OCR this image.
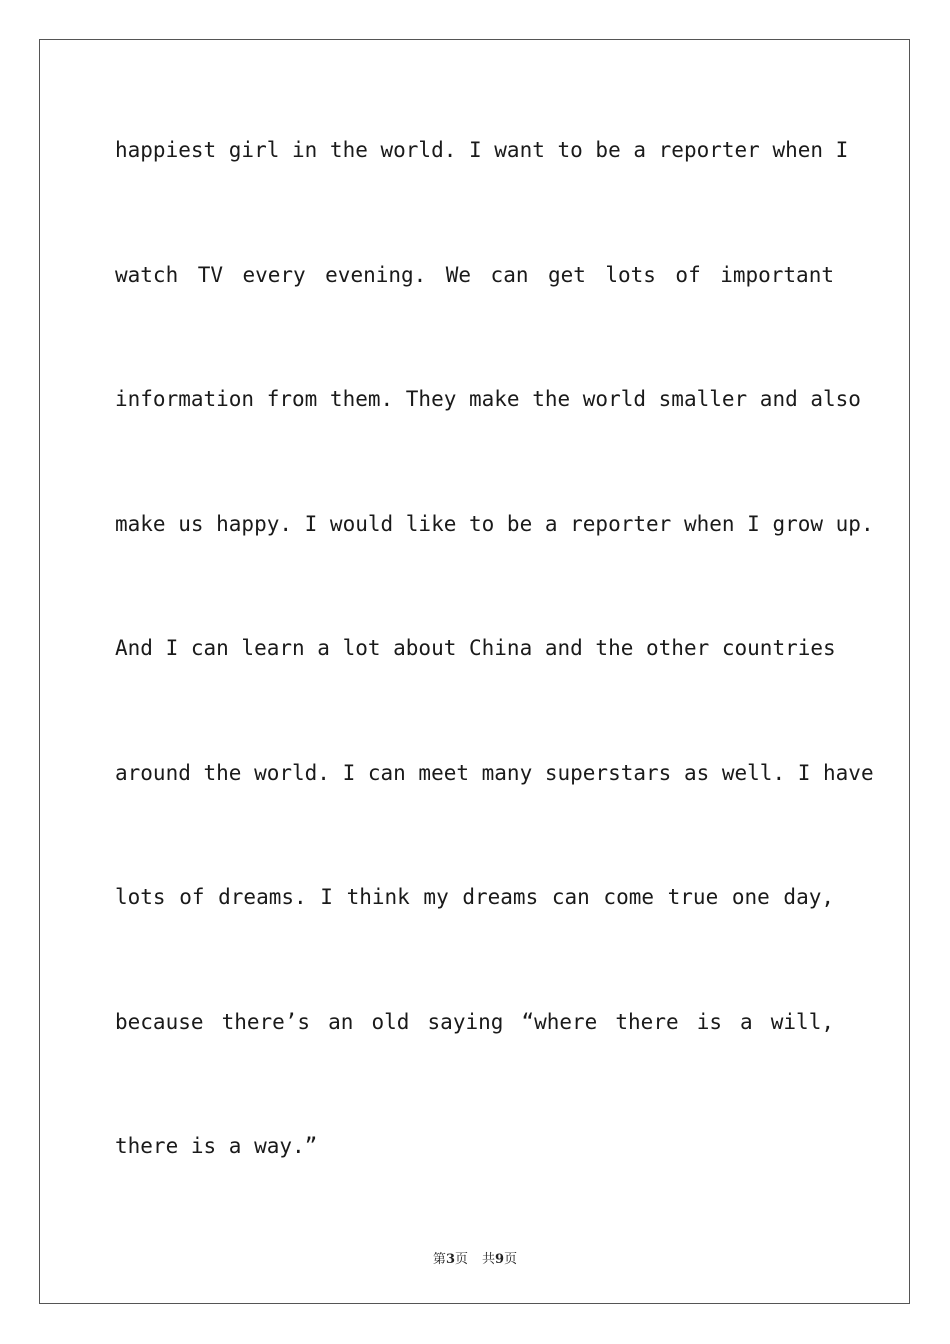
happiest girl in the world. I want to be a reporter when I
watch TV every evening. We can get lots of important
information from them. They make the world smaller and also
make us happy. I would like to be a reporter when I grow up.
And I can learn a lot about China and the other countries
around the world. I can meet many superstars as well. I have
lots of dreams. I think my dreams can come true one day,
because there’s an old saying “where there is a will,
there is a way.”
第3页 共9页
